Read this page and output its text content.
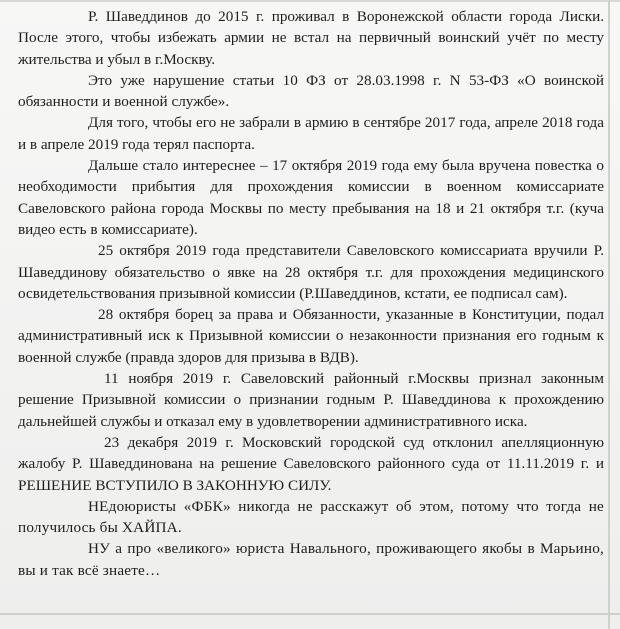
Р. Шаведдинов до 2015 г. проживал в Воронежской области города Лиски. После этого, чтобы избежать армии не встал на первичный воинский учёт по месту жительства и убыл в г.Москву.

Это уже нарушение статьи 10 ФЗ от 28.03.1998 г. N 53-ФЗ «О воинской обязанности и военной службе».

Для того, чтобы его не забрали в армию в сентябре 2017 года, апреле 2018 года и в апреле 2019 года терял паспорта.

Дальше стало интереснее – 17 октября 2019 года ему была вручена повестка о необходимости прибытия для прохождения комиссии в военном комиссариате Савеловского района города Москвы по месту пребывания на 18 и 21 октября т.г. (куча видео есть в комиссариате).

25 октября 2019 года представители Савеловского комиссариата вручили Р. Шаведдинову обязательство о явке на 28 октября т.г. для прохождения медицинского освидетельствования призывной комиссии (Р.Шаведдинов, кстати, ее подписал сам).

28 октября борец за права и Обязанности, указанные в Конституции, подал административный иск к Призывной комиссии о незаконности признания его годным к военной службе (правда здоров для призыва в ВДВ).

11 ноября 2019 г. Савеловский районный г.Москвы признал законным решение Призывной комиссии о признании годным Р. Шаведдинова к прохождению дальнейшей службы и отказал ему в удовлетворении административного иска.

23 декабря 2019 г. Московский городской суд отклонил апелляционную жалобу Р. Шаведдинована на решение Савеловского районного суда от 11.11.2019 г. и РЕШЕНИЕ ВСТУПИЛО В ЗАКОННУЮ СИЛУ.

НЕдоюристы «ФБК» никогда не расскажут об этом, потому что тогда не получилось бы ХАЙПА.

НУ а про «великого» юриста Навального, проживающего якобы в Марьино, вы и так всё знаете…
